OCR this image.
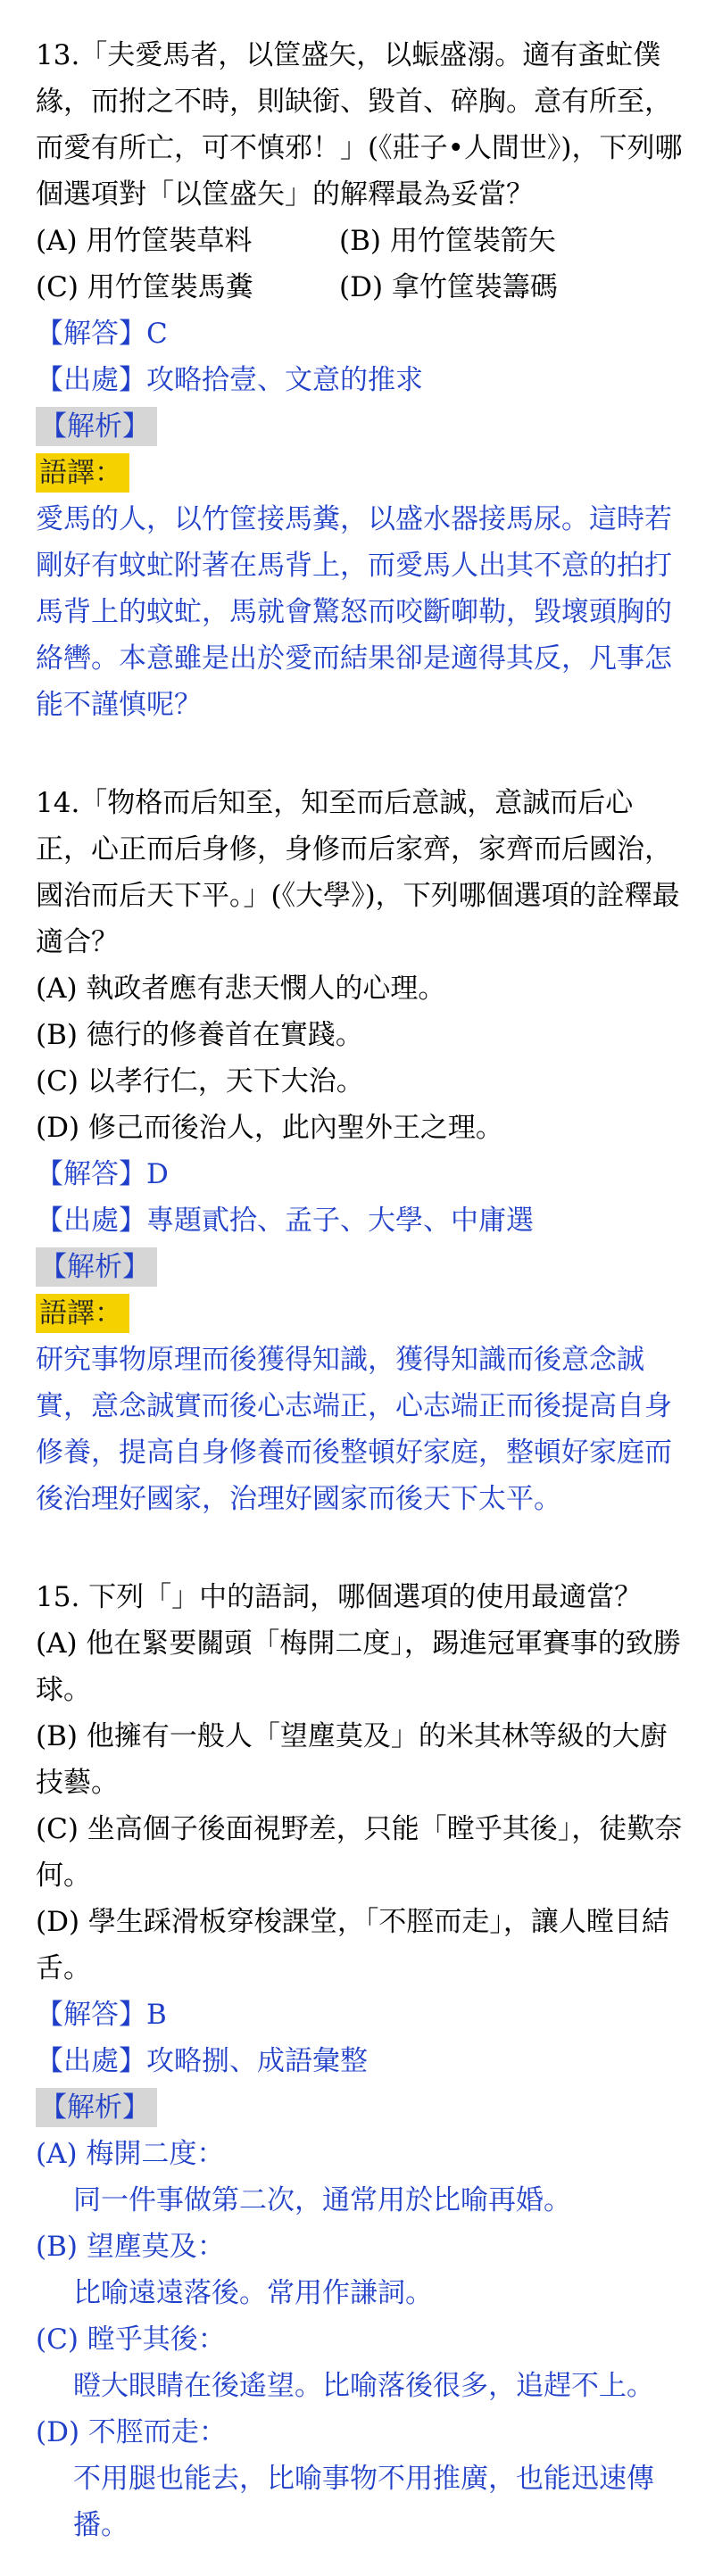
13.「夫愛馬者，以筐盛矢，以蜄盛溺。適有蚉虻僕緣，而拊之不時，則缺銜、毀首、碎胸。意有所至，而愛有所亡，可不慎邪！」(《莊子•人間世》)，下列哪個選項對「以筐盛矢」的解釋最為妥當？

(A) 用竹筐裝草料	(B) 用竹筐裝箭矢
(C) 用竹筐裝馬糞	(D) 拿竹筐裝籌碼

【解答】C

【出處】攻略拾壹、文意的推求

【解析】
語譯：

愛馬的人，以竹筐接馬糞，以盛水器接馬尿。這時若剛好有蚊虻附著在馬背上，而愛馬人出其不意的拍打馬背上的蚊虻，馬就會驚怒而咬斷啣勒，毀壞頭胸的絡轡。本意雖是出於愛而結果卻是適得其反，凡事怎能不謹慎呢？

14.「物格而后知至，知至而后意誠，意誠而后心正，心正而后身修，身修而后家齊，家齊而后國治，國治而后天下平。」(《大學》)，下列哪個選項的詮釋最適合？

(A) 執政者應有悲天憫人的心理。

(B) 德行的修養首在實踐。

(C) 以孝行仁，天下大治。

(D) 修己而後治人，此內聖外王之理。

【解答】D

【出處】專題貳拾、孟子、大學、中庸選

【解析】
語譯：

研究事物原理而後獲得知識，獲得知識而後意念誠實，意念誠實而後心志端正，心志端正而後提高自身修養，提高自身修養而後整頓好家庭，整頓好家庭而後治理好國家，治理好國家而後天下太平。

15. 下列「」中的語詞，哪個選項的使用最適當？

(A) 他在緊要關頭「梅開二度」，踢進冠軍賽事的致勝球。

(B) 他擁有一般人「望塵莫及」的米其林等級的大廚技藝。

(C) 坐高個子後面視野差，只能「瞠乎其後」，徒歎奈何。

(D) 學生踩滑板穿梭課堂，「不脛而走」，讓人瞠目結舌。

【解答】B

【出處】攻略捌、成語彙整

【解析】

(A) 梅開二度：

同一件事做第二次，通常用於比喻再婚。

(B) 望塵莫及：

比喻遠遠落後。常用作謙詞。

(C) 瞠乎其後：

瞪大眼睛在後遙望。比喻落後很多，追趕不上。

(D) 不脛而走：

不用腿也能去，比喻事物不用推廣，也能迅速傳播。
